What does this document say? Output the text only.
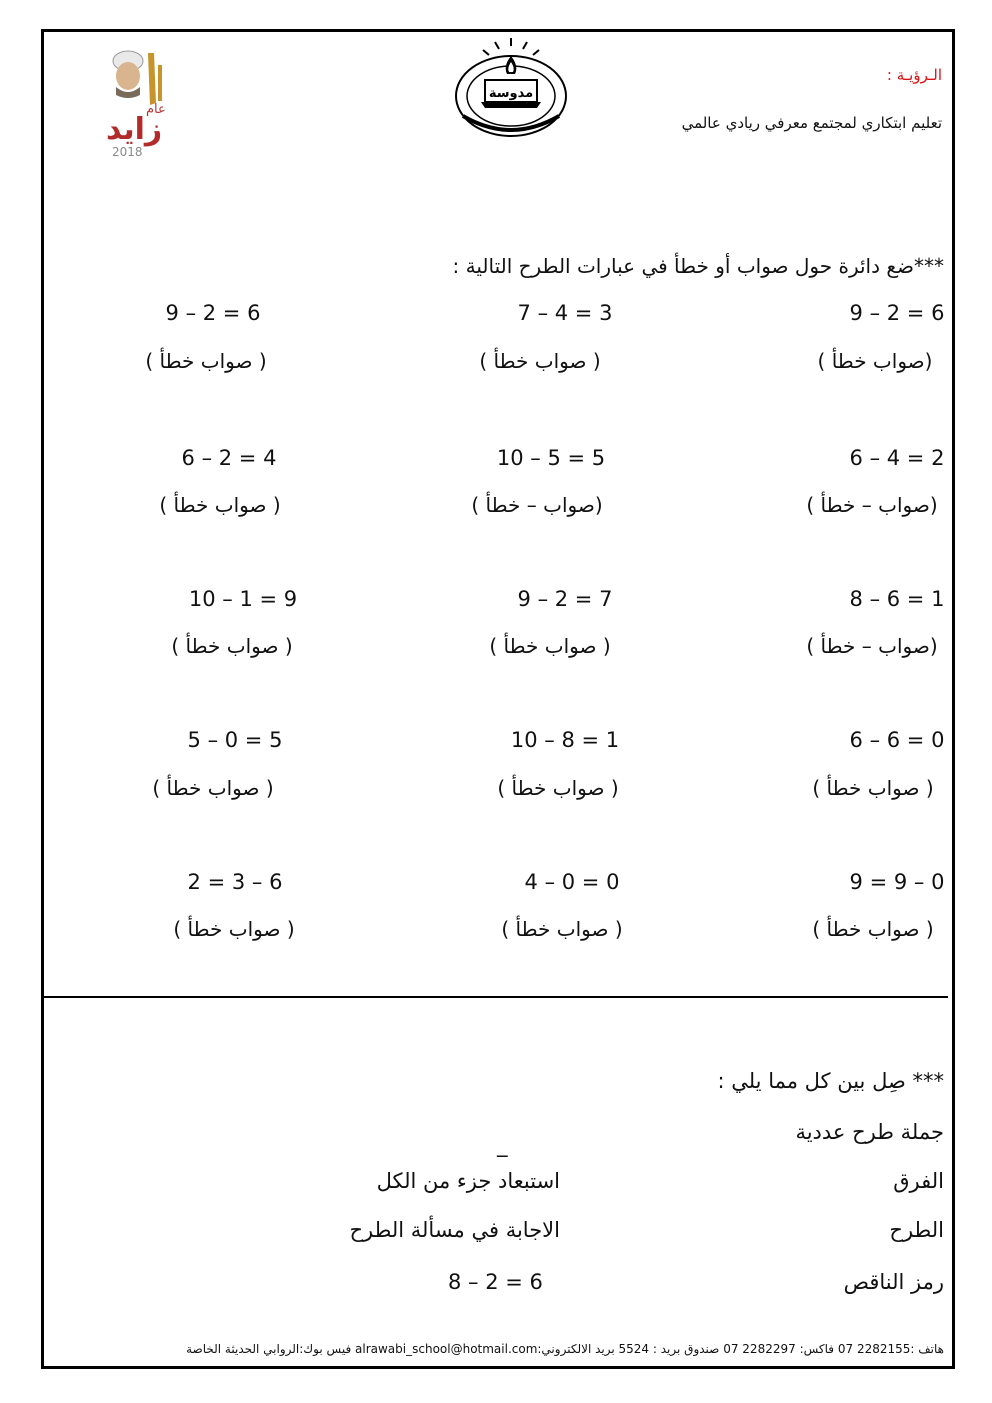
عام
زايد
2018
مدوسة
الـرؤيـة :
تعليم ابتكاري لمجتمع معرفي ريادي عالمي
***ضع دائرة حول صواب أو خطأ في عبارات الطرح التالية :
9 – 2 = 6
(صواب خطأ )
7 – 4 = 3
( صواب خطأ )
9 – 2 = 6
( صواب خطأ )
6 – 4 = 2
(صواب – خطأ )
10 – 5 = 5
(صواب – خطأ )
6 – 2 = 4
( صواب خطأ )
8 – 6 = 1
(صواب – خطأ )
9 – 2 = 7
( صواب خطأ )
10 – 1 = 9
( صواب خطأ )
6 – 6 = 0
( صواب خطأ )
10 – 8 = 1
( صواب خطأ )
5 – 0 = 5
( صواب خطأ )
9 = 9 – 0
( صواب خطأ )
4 – 0 = 0
( صواب خطأ )
2 = 3 – 6
( صواب خطأ )
*** صِل بين كل مما يلي :
جملة طرح عددية
_
الفرق
استبعاد جزء من الكل
الطرح
الاجابة في مسألة الطرح
رمز الناقص
8 – 2 = 6
هاتف :2282155 07 فاكس: 2282297 07 صندوق بريد : 5524 بريد الالكتروني:alrawabi_school@hotmail.com فيس بوك:الروابي الحديثة الخاصة
